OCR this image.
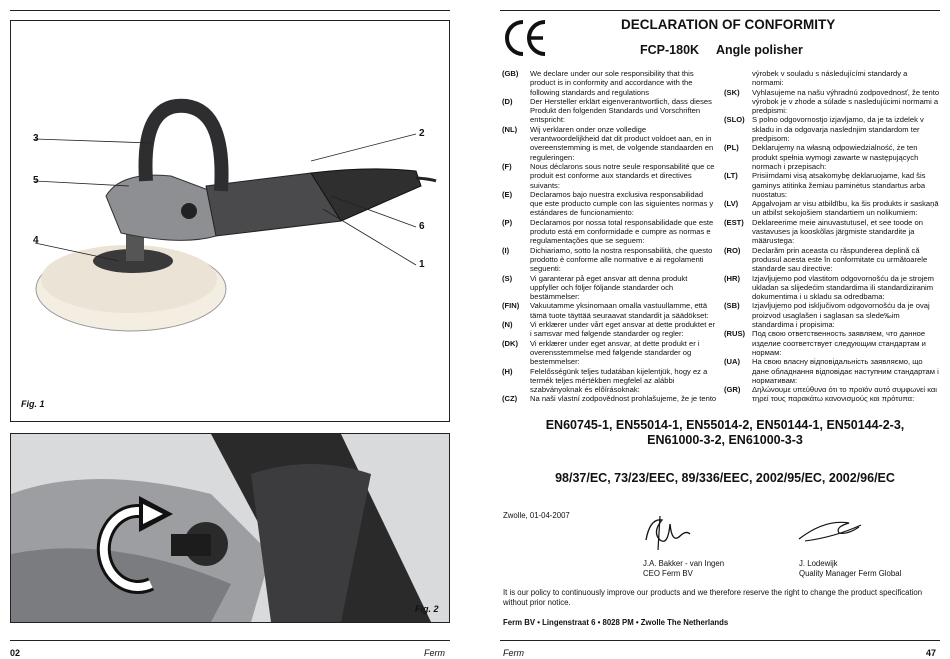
3
5
4
2
6
1
Fig. 1
Fig. 2
02	Ferm
DECLARATION OF CONFORMITY
FCP-180K Angle polisher
(GB)	We declare under our sole responsibility that this product is in conformity and accordance with the following standards and regulations
(D)	Der Hersteller erklärt eigenverantwortlich, dass dieses Produkt den folgenden Standards und Vorschriften entspricht:
(NL)	Wij verklaren onder onze volledige verantwoordelijkheid dat dit product voldoet aan, en in overeenstemming is met, de volgende standaarden en reguleringen:
(F)	Nous déclarons sous notre seule responsabilité que ce produit est conforme aux standards et directives suivants:
(E)	Declaramos bajo nuestra exclusiva responsabilidad que este producto cumple con las siguientes normas y estándares de funcionamiento:
(P)	Declaramos por nossa total responsabilidade que este produto está em conformidade e cumpre as normas e regulamentações que se seguem:
(I)	Dichiariamo, sotto la nostra responsabilità, che questo prodotto è conforme alle normative e ai regolamenti seguenti:
(S)	Vi garanterar på eget ansvar att denna produkt uppfyller och följer följande standarder och bestämmelser:
(FIN)	Vakuutamme yksinomaan omalla vastuullamme, että tämä tuote täyttää seuraavat standardit ja säädökset:
(N)	Vi erklærer under vårt eget ansvar at dette produktet er i samsvar med følgende standarder og regler:
(DK)	Vi erklærer under eget ansvar, at dette produkt er i overensstemmelse med følgende standarder og bestemmelser:
(H)	Felelősségünk teljes tudatában kijelentjük, hogy ez a termék teljes mértékben megfelel az alábbi szabványoknak és előírásoknak:
(CZ)	Na naši vlastní zodpovědnost prohlašujeme, že je tento
výrobek v souladu s následujícími standardy a normami:
(SK)	Vyhlasujeme na našu výhradnú zodpovednosť, že tento výrobok je v zhode a súlade s nasledujúcimi normami a predpismi:
(SLO) S polno odgovornostjo izjavljamo, da je ta izdelek v skladu in da odgovarja naslednjim standardom ter predpisom:
(PL)	Deklarujemy na własną odpowiedzialność, że ten produkt spełnia wymogi zawarte w następujących normach i przepisach:
(LT)	Prisiimdami visą atsakomybę deklaruojame, kad šis gaminys atitinka žemiau paminėtus standartus arba nuostatus:
(LV)	Apgalvojam ar visu atbildību, ka šis produkts ir saskaņā un atbilst sekojošiem standartiem un nolikumiem:
(EST)	Deklareerime meie ainuvastutusel, et see toode on vastavuses ja kooskõlas järgmiste standardite ja määrustega:
(RO)	Declarăm prin aceasta cu răspunderea deplină că produsul acesta este în conformitate cu următoarele standarde sau directive:
(HR)	Izjavljujemo pod vlastitom odgovornošću da je strojem ukladan sa slijedećim standardima ili standardiziranim dokumentima i u skladu sa odredbama:
(SB)	Izjavljujemo pod isključivom odgovornošću da je ovaj proizvod usaglašen i saglasan sa slede‰im standardima i propisima:
(RUS) Под свою ответственность заявляем, что данное изделие соответствует следующим стандартам и нормам:
(UA)	На свою власну відповідальність заявляємо, що дане обладнання відповідає наступним стандартам і нормативам:
(GR)	Δηλώνουμε υπεύθυνα ότι το προϊόν αυτό συμφωνεί και τηρεί τους παρακάτω κανονισμούς και πρότυπα:
EN60745-1, EN55014-1, EN55014-2, EN50144-1, EN50144-2-3,
EN61000-3-2, EN61000-3-3
98/37/EC, 73/23/EEC, 89/336/EEC, 2002/95/EC, 2002/96/EC
Zwolle, 01-04-2007
J.A. Bakker - van Ingen
CEO Ferm BV
J. Lodewijk
Quality Manager Ferm Global
It is our policy to continuously improve our products and we therefore reserve the right to change the product specification without prior notice.
Ferm BV • Lingenstraat 6 • 8028 PM • Zwolle The Netherlands
Ferm	47
